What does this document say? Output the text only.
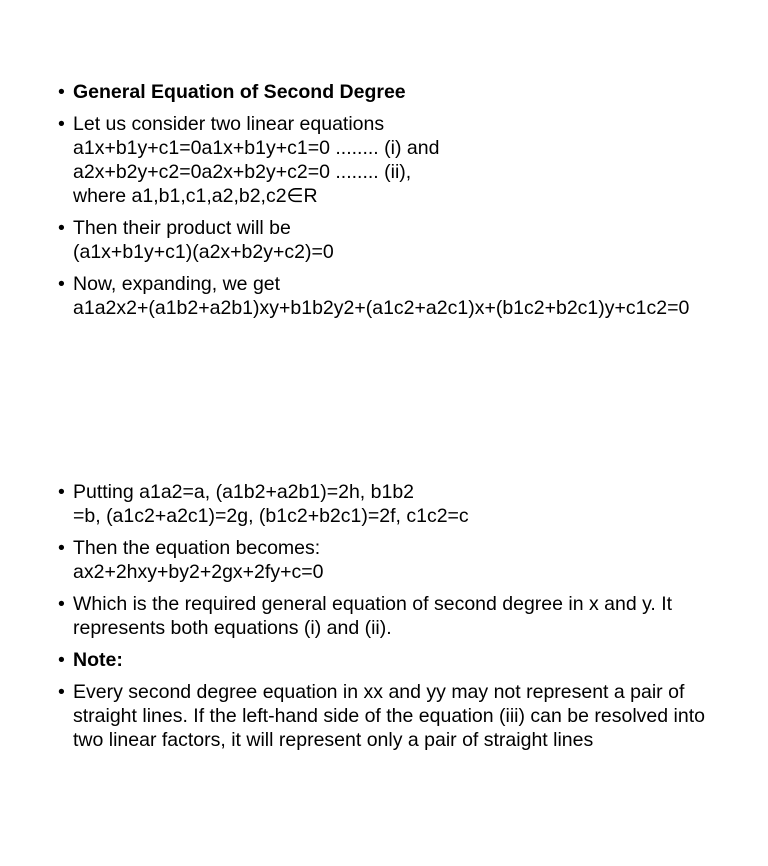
•
General Equation of Second Degree
•
Let us consider two linear equations
a1x+b1y+c1=0a1x+b1y+c1=0 ........ (i) and
a2x+b2y+c2=0a2x+b2y+c2=0 ........ (ii),
where a1,b1,c1,a2,b2,c2∈R
•
Then their product will be
(a1x+b1y+c1)(a2x+b2y+c2)=0
•
Now, expanding, we get
a1a2x2+(a1b2+a2b1)xy+b1b2y2+(a1c2+a2c1)x+(b1c2+b2c1)y+c1c2=0
•
Putting a1a2=a, (a1b2+a2b1)=2h, b1b2
=b, (a1c2+a2c1)=2g, (b1c2+b2c1)=2f, c1c2=c
•
Then the equation becomes:
ax2+2hxy+by2+2gx+2fy+c=0
•
Which is the required general equation of second degree in x and y. It represents both equations (i) and (ii).
•
Note:
•
Every second degree equation in xx and yy may not represent a pair of straight lines. If the left-hand side of the equation (iii) can be resolved into two linear factors, it will represent only a pair of straight lines
